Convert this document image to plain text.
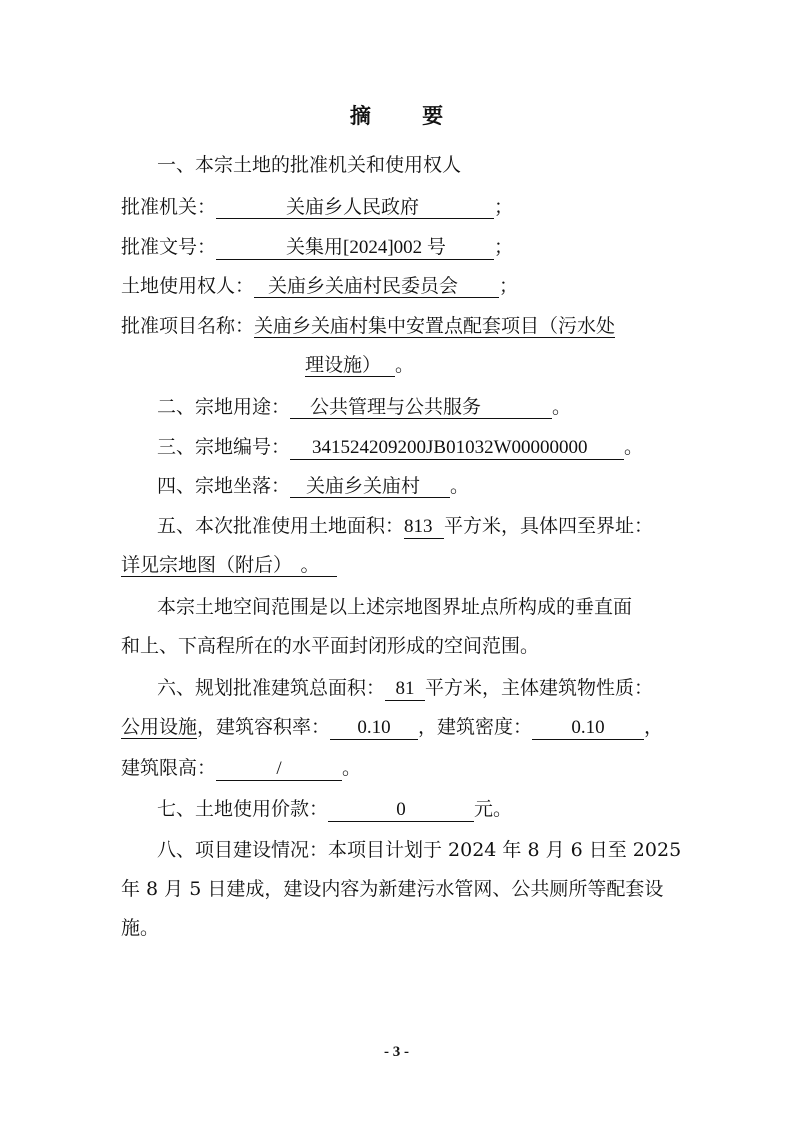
摘 要
一、本宗土地的批准机关和使用权人
批准机关：	关庙乡人民政府	；
批准文号：	关集用[2024]002 号	；
土地使用权人： 关庙乡关庙村民委员会 ；
批准项目名称：关庙乡关庙村集中安置点配套项目（污水处
理设施） 。
二、宗地用途： 公共管理与公共服务	。
三、宗地编号： 341524209200JB01032W00000000 。
四、宗地坐落： 关庙乡关庙村 。
五、本次批准使用土地面积：813 平方米，具体四至界址：
详见宗地图（附后） 。
本宗土地空间范围是以上述宗地图界址点所构成的垂直面
和上、下高程所在的水平面封闭形成的空间范围。
六、规划批准建筑总面积： 81 平方米，主体建筑物性质：
公用设施，建筑容积率： 0.10 ，建筑密度： 0.10 ，
建筑限高：	/	。
七、土地使用价款：	0	元。
八、项目建设情况：本项目计划于 2024 年 8 月 6 日至 2025
年 8 月 5 日建成，建设内容为新建污水管网、公共厕所等配套设
施。
- 3 -
